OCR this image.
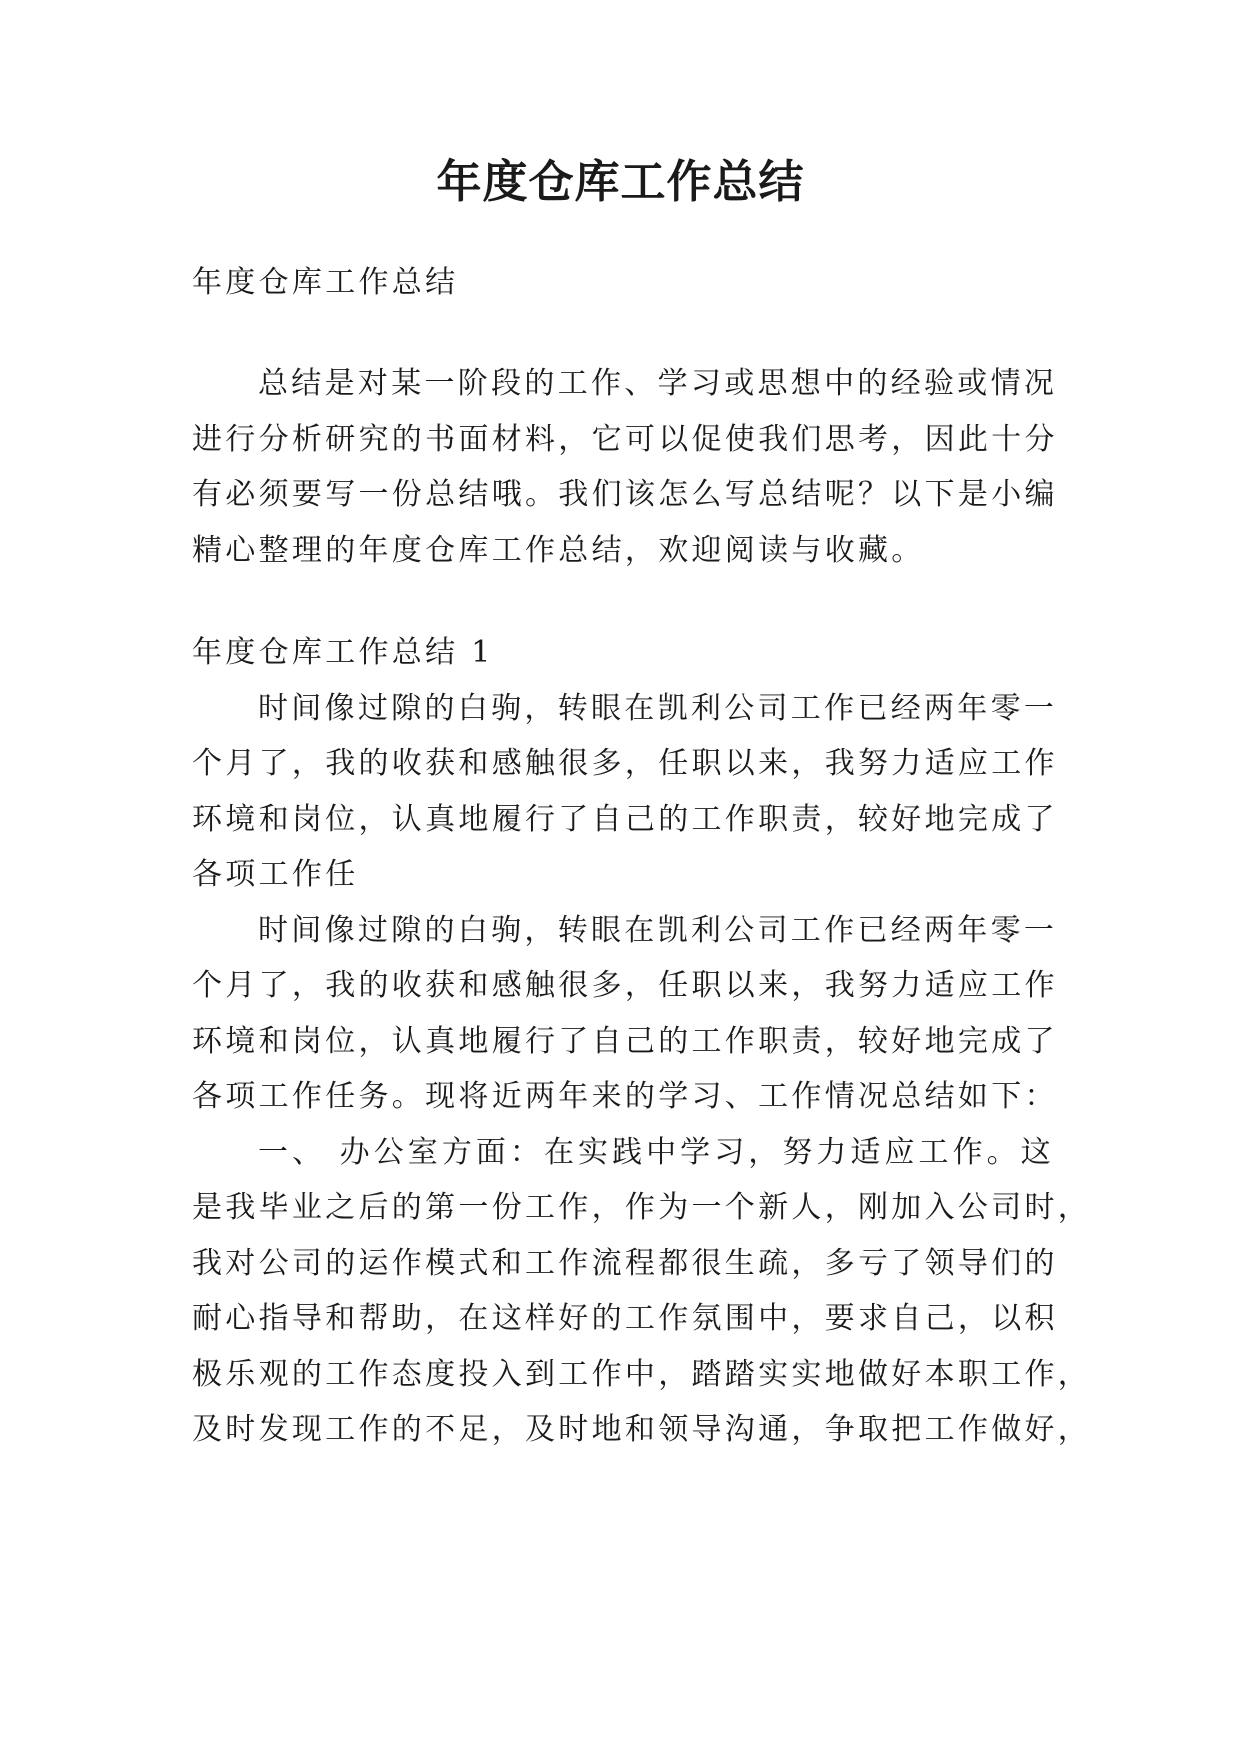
年度仓库工作总结
年度仓库工作总结
总结是对某一阶段的工作、学习或思想中的经验或情况
进行分析研究的书面材料，它可以促使我们思考，因此十分
有必须要写一份总结哦。我们该怎么写总结呢？以下是小编
精心整理的年度仓库工作总结，欢迎阅读与收藏。
年度仓库工作总结 1
时间像过隙的白驹，转眼在凯利公司工作已经两年零一
个月了，我的收获和感触很多，任职以来，我努力适应工作
环境和岗位，认真地履行了自己的工作职责，较好地完成了
各项工作任
时间像过隙的白驹，转眼在凯利公司工作已经两年零一
个月了，我的收获和感触很多，任职以来，我努力适应工作
环境和岗位，认真地履行了自己的工作职责，较好地完成了
各项工作任务。现将近两年来的学习、工作情况总结如下：
一、 办公室方面：在实践中学习，努力适应工作。这
是我毕业之后的第一份工作，作为一个新人，刚加入公司时，
我对公司的运作模式和工作流程都很生疏，多亏了领导们的
耐心指导和帮助，在这样好的工作氛围中，要求自己，以积
极乐观的工作态度投入到工作中，踏踏实实地做好本职工作，
及时发现工作的不足，及时地和领导沟通，争取把工作做好，
